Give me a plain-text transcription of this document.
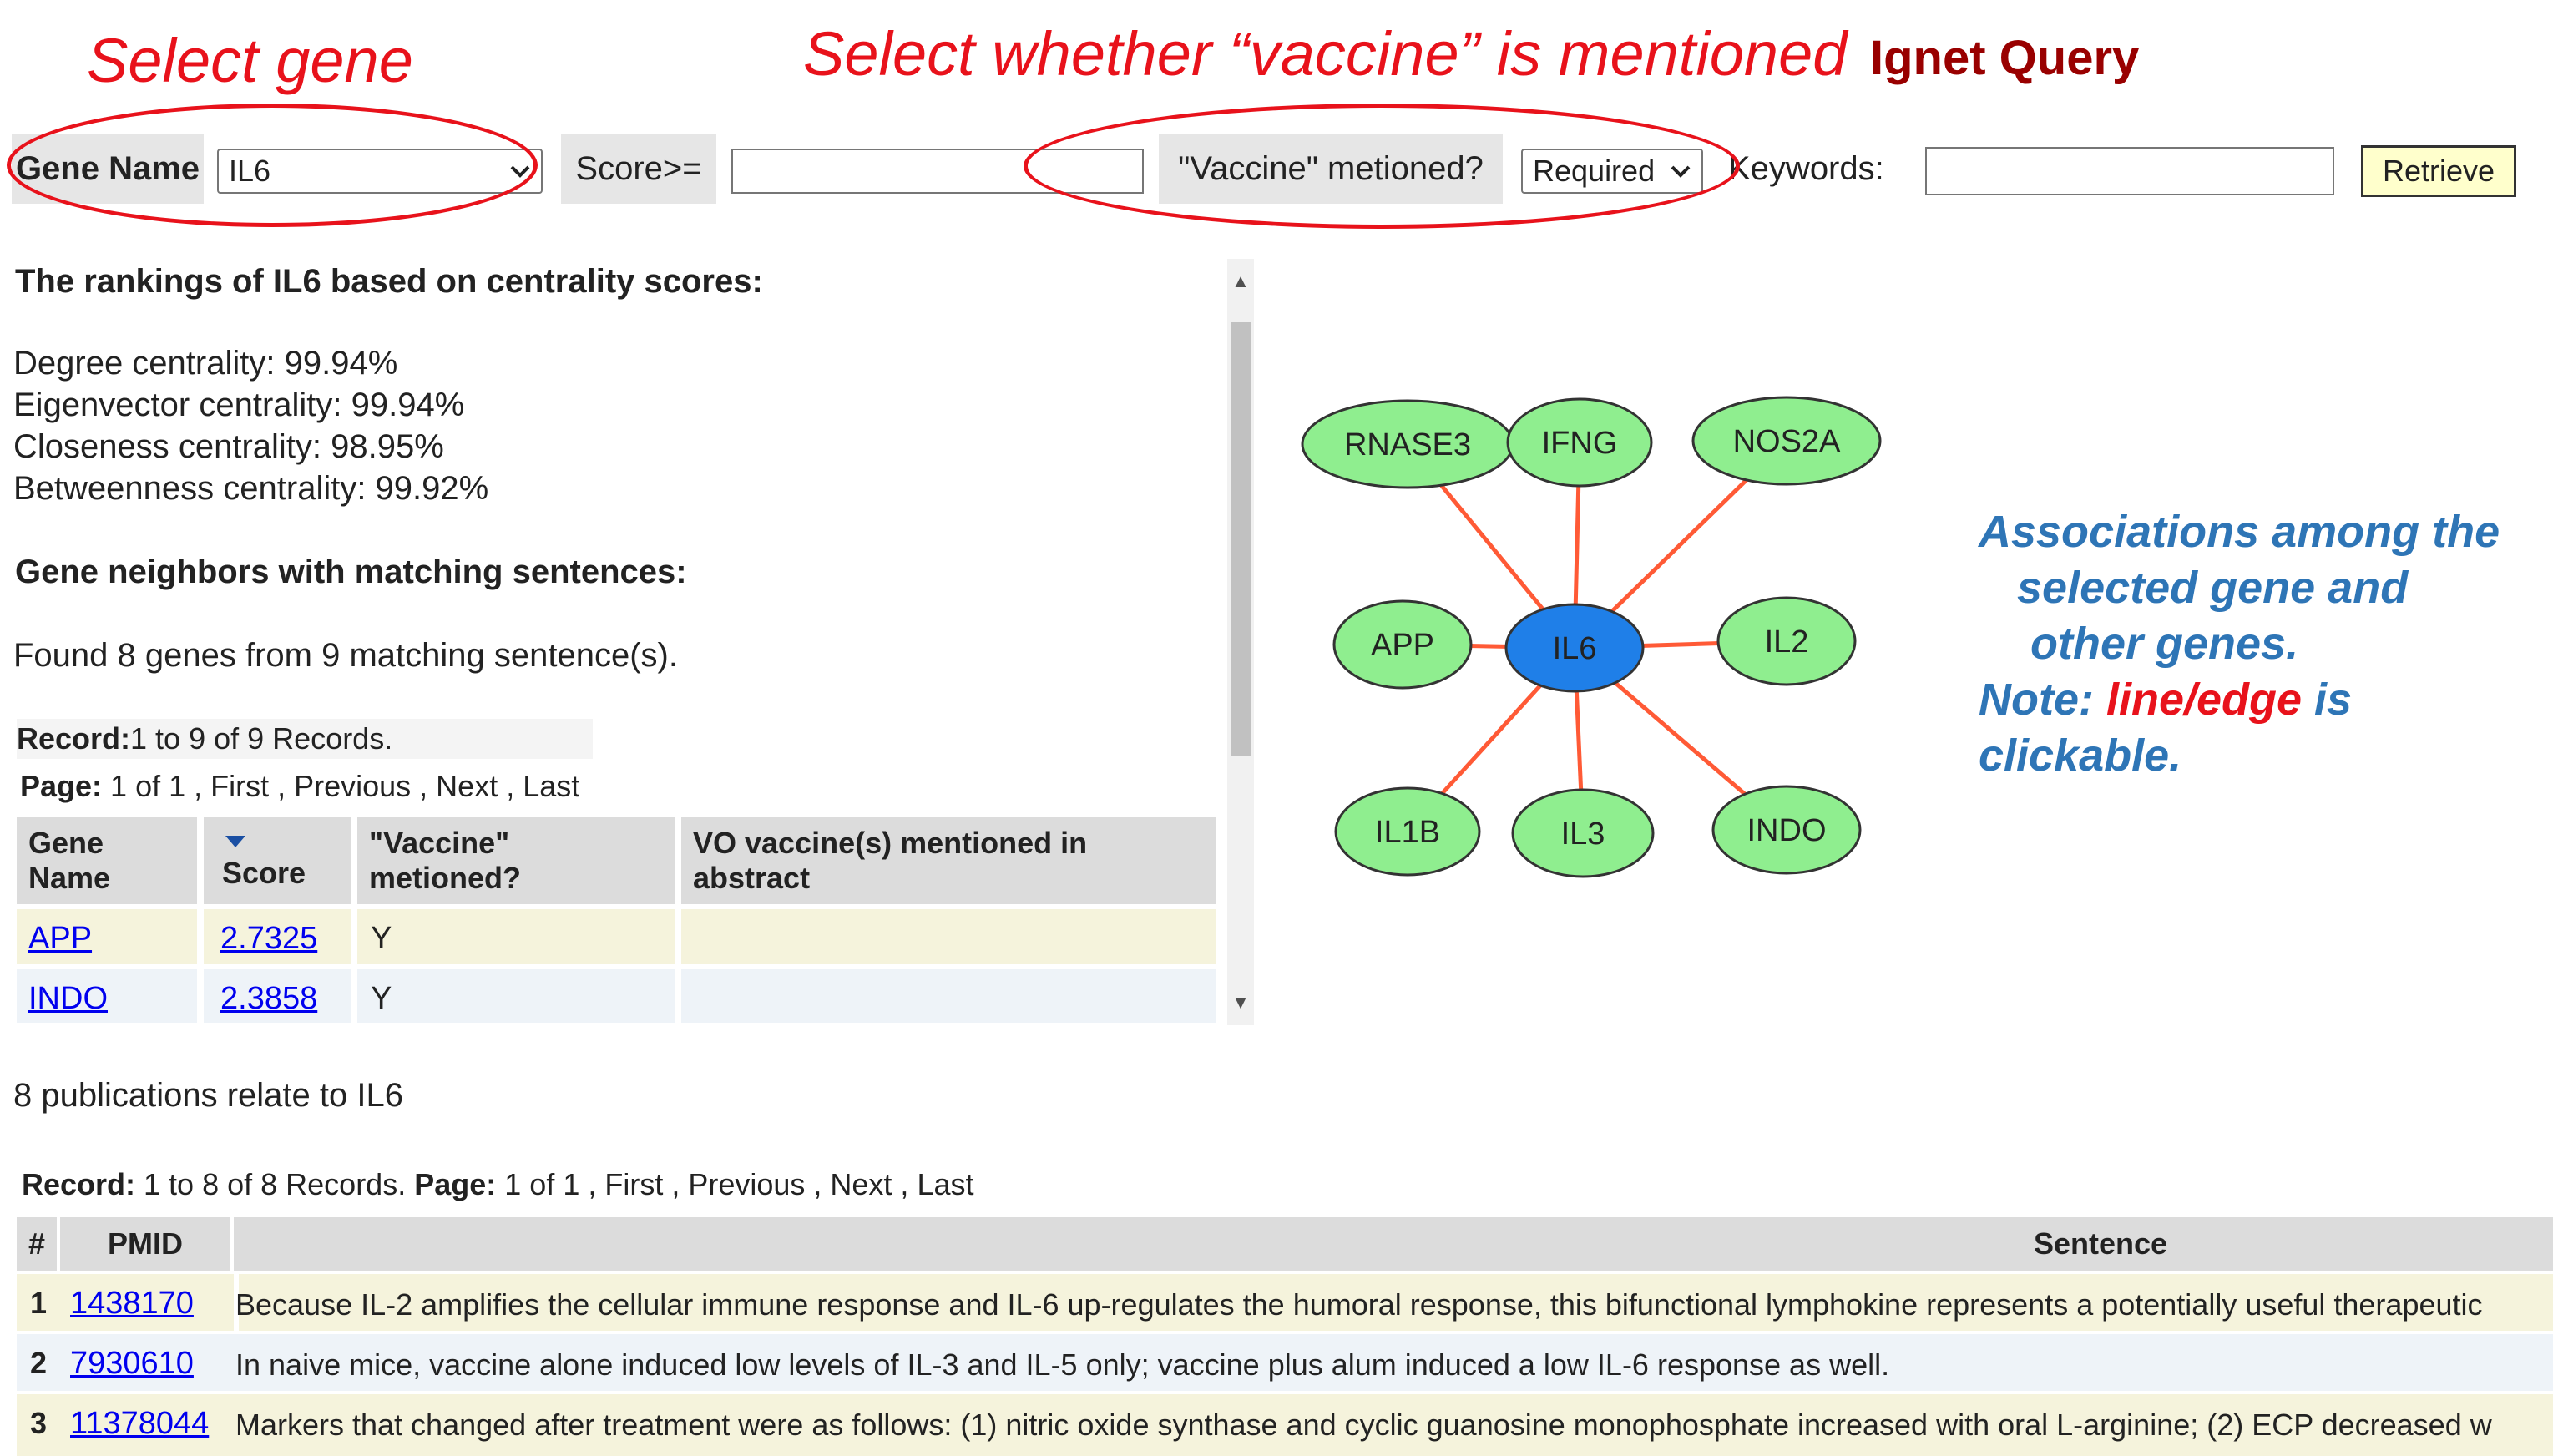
Select gene	Select whether “vaccine” is mentioned Ignet Query
Gene Name IL6	Score>=	"Vaccine" metioned?	Required Keywords:	Retrieve
The rankings of IL6 based on centrality scores:
Degree centrality: 99.94%
Eigenvector centrality: 99.94%
Closeness centrality: 98.95%
Betweenness centrality: 99.92%
Gene neighbors with matching sentences:
Found 8 genes from 9 matching sentence(s).
Record: 1 to 9 of 9 Records.
Page: 1 of 1 , First , Previous , Next , Last
Gene Name	Score
"Vaccine" metioned?
VO vaccine(s) mentioned in abstract
APP	2.7325 Y
INDO	2.3858 Y
▲
▼
RNASE3 IFNG	NOS2A
APP	IL2
IL1B	IL3	INDO
IL6
Associations among the
selected gene and
other genes.
Note: line/edge is
clickable.
8 publications relate to IL6
Record: 1 to 8 of 8 Records. Page: 1 of 1 , First , Previous , Next , Last
#	PMID	Sentence
1 1438170 Because IL-2 amplifies the cellular immune response and IL-6 up-regulates the humoral response, this bifunctional lymphokine represents a potentially useful therapeutic
2 7930610 In naive mice, vaccine alone induced low levels of IL-3 and IL-5 only; vaccine plus alum induced a low IL-6 response as well.
3 11378044 Markers that changed after treatment were as follows: (1) nitric oxide synthase and cyclic guanosine monophosphate increased with oral L-arginine; (2) ECP decreased w
